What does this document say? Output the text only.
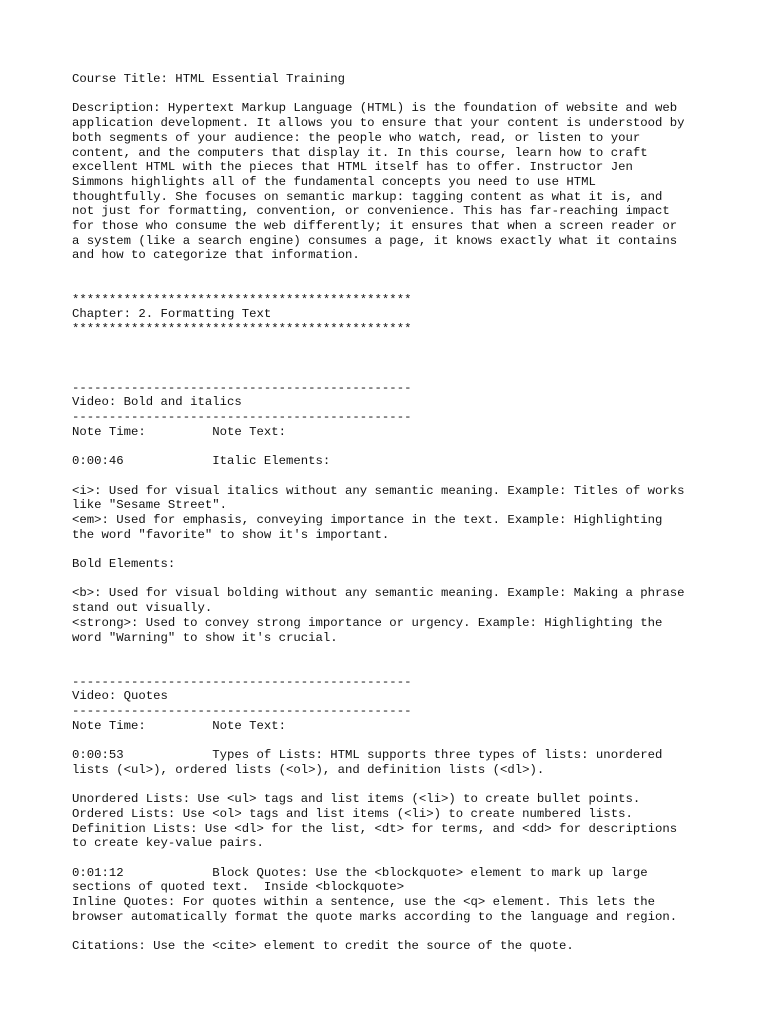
Course Title: HTML Essential Training
Description: Hypertext Markup Language (HTML) is the foundation of website and web
application development. It allows you to ensure that your content is understood by
both segments of your audience: the people who watch, read, or listen to your
content, and the computers that display it. In this course, learn how to craft
excellent HTML with the pieces that HTML itself has to offer. Instructor Jen
Simmons highlights all of the fundamental concepts you need to use HTML
thoughtfully. She focuses on semantic markup: tagging content as what it is, and
not just for formatting, convention, or convenience. This has far-reaching impact
for those who consume the web differently; it ensures that when a screen reader or
a system (like a search engine) consumes a page, it knows exactly what it contains
and how to categorize that information.
**********************************************
Chapter: 2. Formatting Text
**********************************************
----------------------------------------------
Video: Bold and italics
----------------------------------------------
Note Time:         Note Text:
0:00:46            Italic Elements:
<i>: Used for visual italics without any semantic meaning. Example: Titles of works
like "Sesame Street".
<em>: Used for emphasis, conveying importance in the text. Example: Highlighting
the word "favorite" to show it's important.
Bold Elements:
<b>: Used for visual bolding without any semantic meaning. Example: Making a phrase
stand out visually.
<strong>: Used to convey strong importance or urgency. Example: Highlighting the
word "Warning" to show it's crucial.
----------------------------------------------
Video: Quotes
----------------------------------------------
Note Time:         Note Text:
0:00:53            Types of Lists: HTML supports three types of lists: unordered
lists (<ul>), ordered lists (<ol>), and definition lists (<dl>).
Unordered Lists: Use <ul> tags and list items (<li>) to create bullet points.
Ordered Lists: Use <ol> tags and list items (<li>) to create numbered lists.
Definition Lists: Use <dl> for the list, <dt> for terms, and <dd> for descriptions
to create key-value pairs.
0:01:12            Block Quotes: Use the <blockquote> element to mark up large
sections of quoted text.  Inside <blockquote>
Inline Quotes: For quotes within a sentence, use the <q> element. This lets the
browser automatically format the quote marks according to the language and region.
Citations: Use the <cite> element to credit the source of the quote.
